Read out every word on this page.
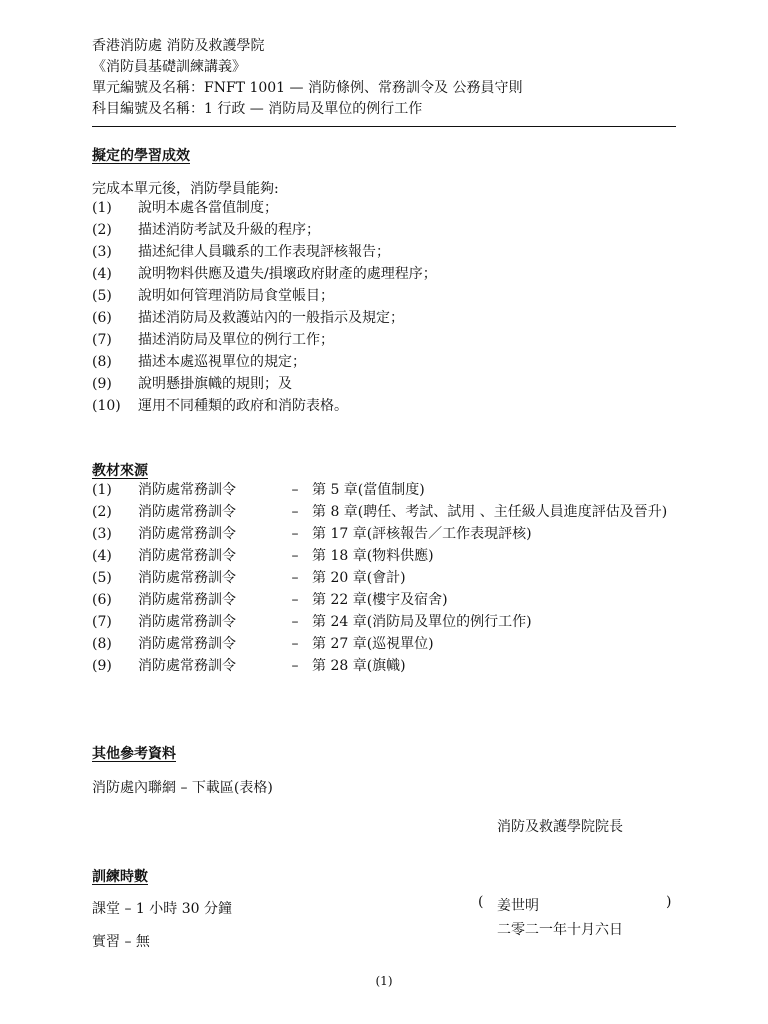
香港消防處 消防及救護學院
《消防員基礎訓練講義》
單元編號及名稱：FNFT 1001 — 消防條例、常務訓令及 公務員守則
科目編號及名稱：1 行政 — 消防局及單位的例行工作
擬定的學習成效
完成本單元後，消防學員能夠:
(1)	說明本處各當值制度；
(2)	描述消防考試及升級的程序；
(3)	描述紀律人員職系的工作表現評核報告；
(4)	說明物料供應及遺失/損壞政府財產的處理程序；
(5)	說明如何管理消防局食堂帳目；
(6)	描述消防局及救護站內的一般指示及規定；
(7)	描述消防局及單位的例行工作；
(8)	描述本處巡視單位的規定；
(9)	說明懸掛旗幟的規則；及
(10)	運用不同種類的政府和消防表格。
教材來源
(1)	消防處常務訓令	– 第 5 章(當值制度)
(2)	消防處常務訓令	– 第 8 章(聘任、考試、試用 、主任級人員進度評估及晉升)
(3)	消防處常務訓令	– 第 17 章(評核報告／工作表現評核)
(4)	消防處常務訓令	– 第 18 章(物料供應)
(5)	消防處常務訓令	– 第 20 章(會計)
(6)	消防處常務訓令	– 第 22 章(樓宇及宿舍)
(7)	消防處常務訓令	– 第 24 章(消防局及單位的例行工作)
(8)	消防處常務訓令	– 第 27 章(巡視單位)
(9)	消防處常務訓令	– 第 28 章(旗幟)
其他參考資料
消防處內聯網 – 下載區(表格)
消防及救護學院院長
訓練時數
課堂 – 1 小時 30 分鐘
實習 – 無
( 姜世明	)
二零二一年十月六日
(1)
